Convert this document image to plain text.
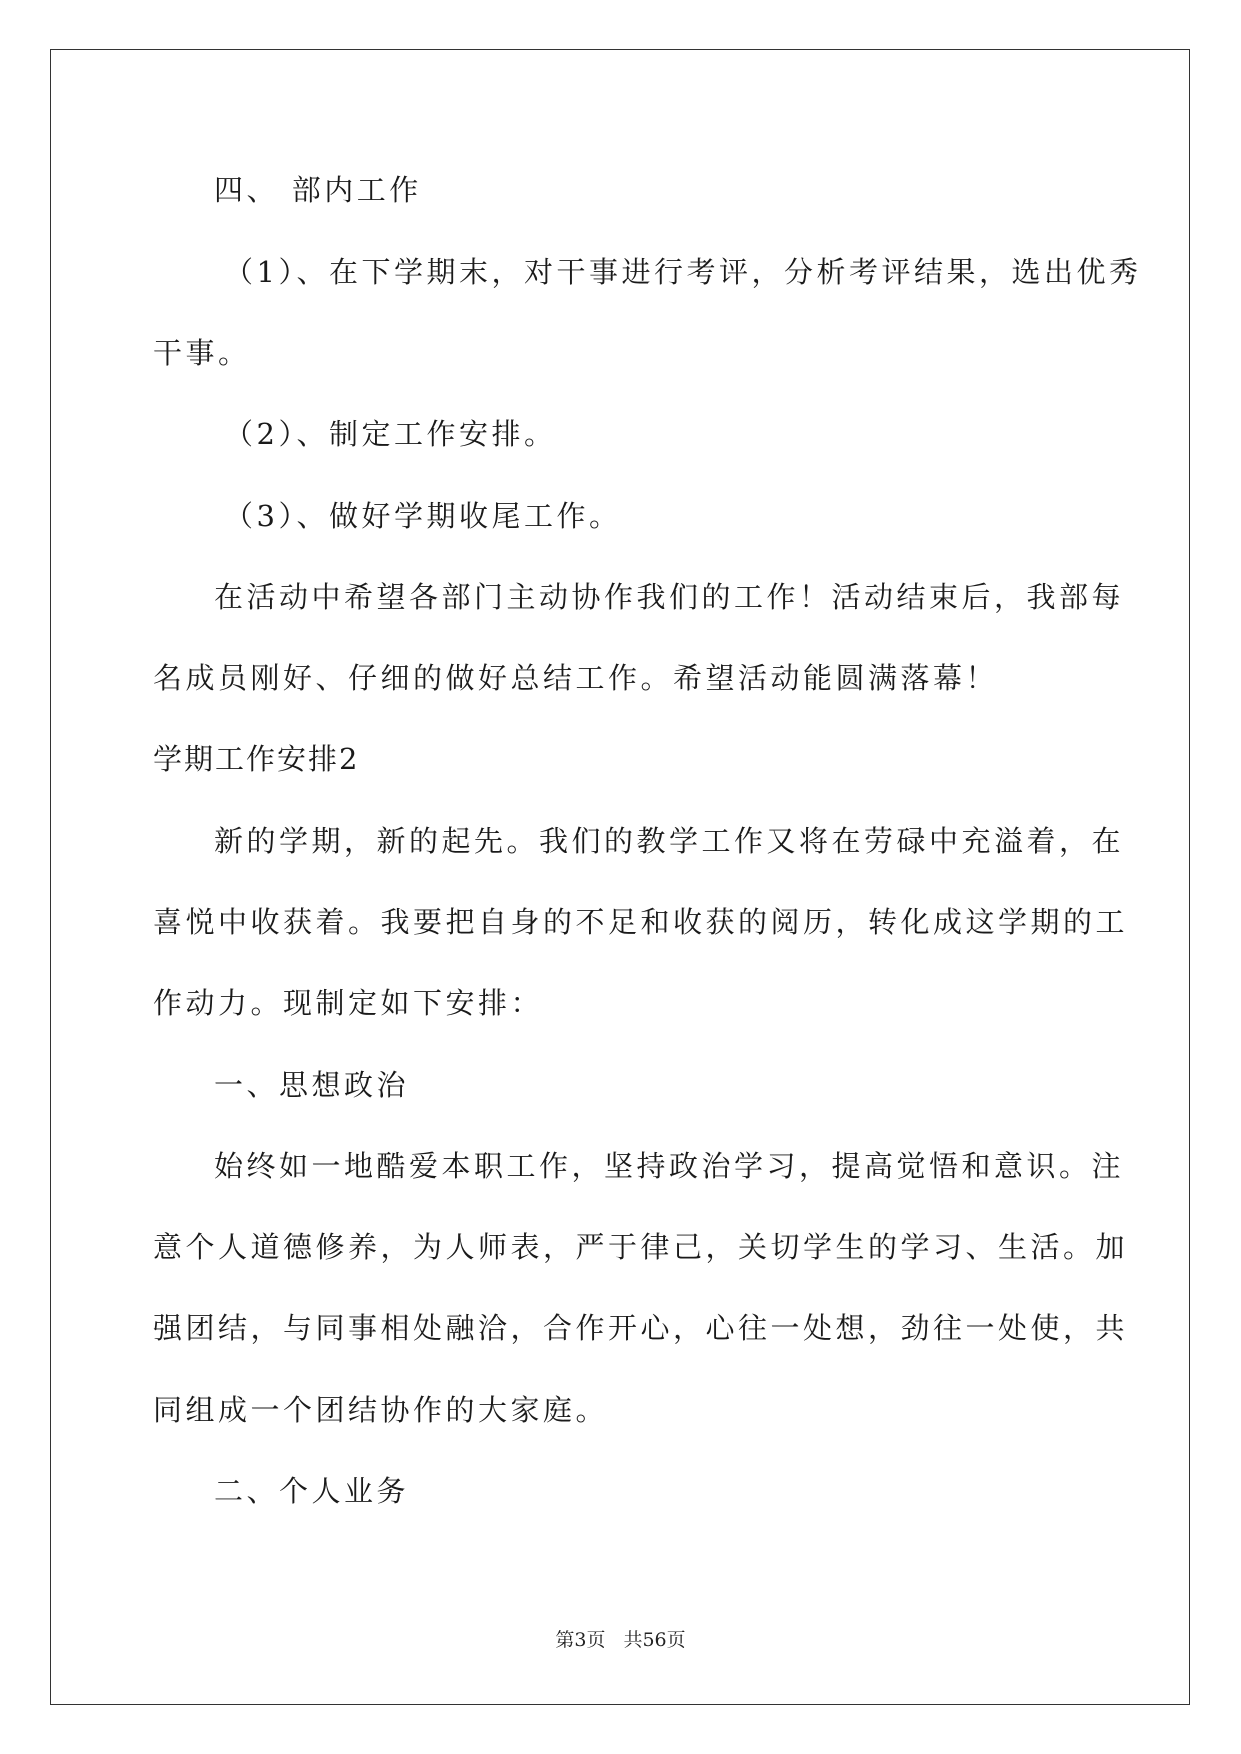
四、 部内工作
（1）、在下学期末，对干事进行考评，分析考评结果，选出优秀
干事。
（2）、制定工作安排。
（3）、做好学期收尾工作。
在活动中希望各部门主动协作我们的工作！活动结束后，我部每
名成员刚好、仔细的做好总结工作。希望活动能圆满落幕！
学期工作安排2
新的学期，新的起先。我们的教学工作又将在劳碌中充溢着，在
喜悦中收获着。我要把自身的不足和收获的阅历，转化成这学期的工
作动力。现制定如下安排：
一、思想政治
始终如一地酷爱本职工作，坚持政治学习，提高觉悟和意识。注
意个人道德修养，为人师表，严于律己，关切学生的学习、生活。加
强团结，与同事相处融洽，合作开心，心往一处想，劲往一处使，共
同组成一个团结协作的大家庭。
二、个人业务
第3页 共56页
